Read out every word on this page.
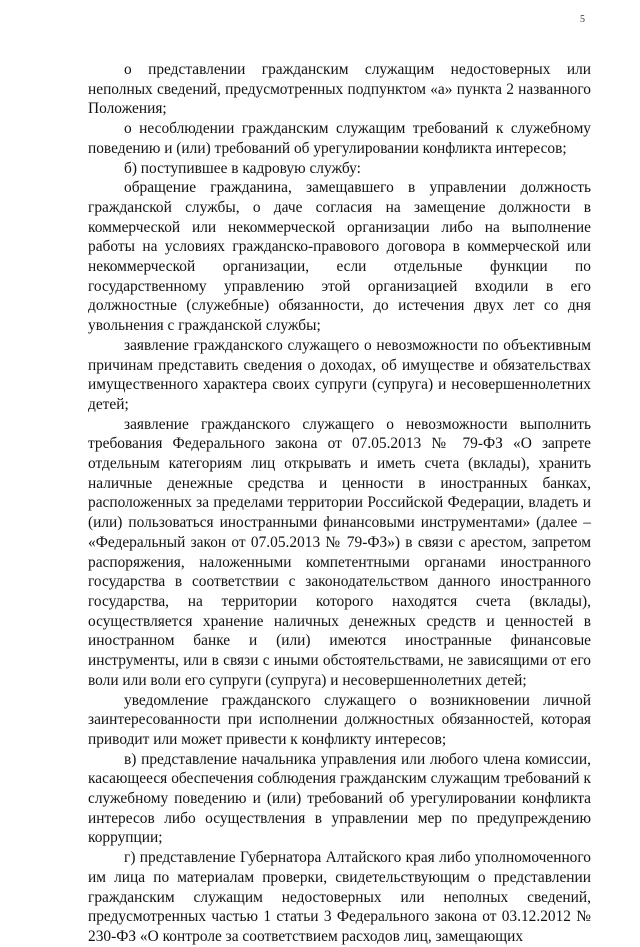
5

о представлении гражданским служащим недостоверных или неполных сведений, предусмотренных подпунктом «а» пункта 2 названного Положения;

о несоблюдении гражданским служащим требований к служебному поведению и (или) требований об урегулировании конфликта интересов;

б) поступившее в кадровую службу:

обращение гражданина, замещавшего в управлении должность гражданской службы, о даче согласия на замещение должности в коммерческой или некоммерческой организации либо на выполнение работы на условиях гражданско-правового договора в коммерческой или некоммерческой организации, если отдельные функции по государственному управлению этой организацией входили в его должностные (служебные) обязанности, до истечения двух лет со дня увольнения с гражданской службы;

заявление гражданского служащего о невозможности по объективным причинам представить сведения о доходах, об имуществе и обязательствах имущественного характера своих супруги (супруга) и несовершеннолетних детей;

заявление гражданского служащего о невозможности выполнить требования Федерального закона от 07.05.2013 № 79-ФЗ «О запрете отдельным категориям лиц открывать и иметь счета (вклады), хранить наличные денежные средства и ценности в иностранных банках, расположенных за пределами территории Российской Федерации, владеть и (или) пользоваться иностранными финансовыми инструментами» (далее – «Федеральный закон от 07.05.2013 № 79-ФЗ») в связи с арестом, запретом распоряжения, наложенными компетентными органами иностранного государства в соответствии с законодательством данного иностранного государства, на территории которого находятся счета (вклады), осуществляется хранение наличных денежных средств и ценностей в иностранном банке и (или) имеются иностранные финансовые инструменты, или в связи с иными обстоятельствами, не зависящими от его воли или воли его супруги (супруга) и несовершеннолетних детей;

уведомление гражданского служащего о возникновении личной заинтересованности при исполнении должностных обязанностей, которая приводит или может привести к конфликту интересов;

в) представление начальника управления или любого члена комиссии, касающееся обеспечения соблюдения гражданским служащим требований к служебному поведению и (или) требований об урегулировании конфликта интересов либо осуществления в управлении мер по предупреждению коррупции;

г) представление Губернатора Алтайского края либо уполномоченного им лица по материалам проверки, свидетельствующим о представлении гражданским служащим недостоверных или неполных сведений, предусмотренных частью 1 статьи 3 Федерального закона от 03.12.2012 № 230-ФЗ «О контроле за соответствием расходов лиц, замещающих
